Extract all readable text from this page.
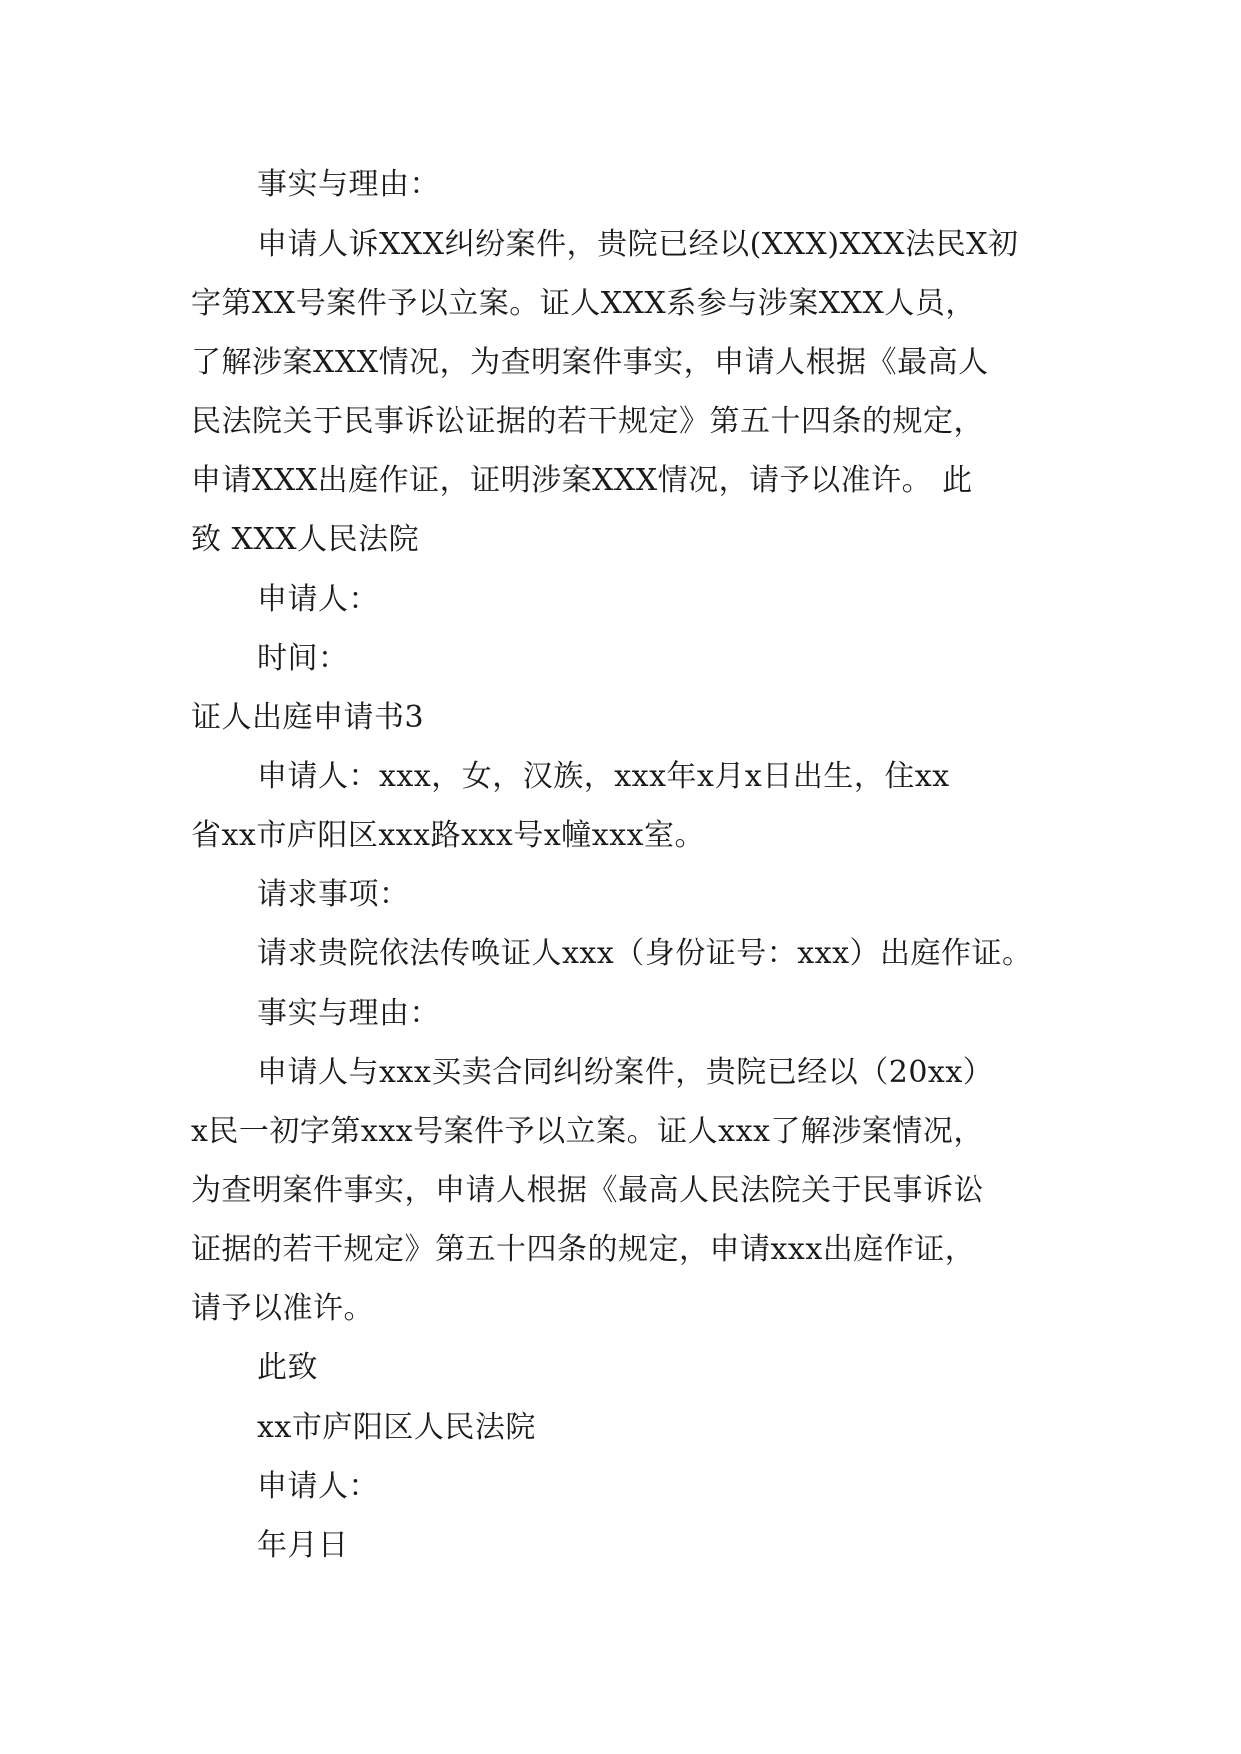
事实与理由：
申请人诉XXX纠纷案件，贵院已经以(XXX)XXX法民X初
字第XX号案件予以立案。证人XXX系参与涉案XXX人员，
了解涉案XXX情况，为查明案件事实，申请人根据《最高人
民法院关于民事诉讼证据的若干规定》第五十四条的规定，
申请XXX出庭作证，证明涉案XXX情况，请予以准许。 此
致 XXX人民法院
申请人：
时间：
证人出庭申请书3
申请人：xxx，女，汉族，xxx年x月x日出生，住xx
省xx市庐阳区xxx路xxx号x幢xxx室。
请求事项：
请求贵院依法传唤证人xxx（身份证号：xxx）出庭作证。
事实与理由：
申请人与xxx买卖合同纠纷案件，贵院已经以（20xx）
x民一初字第xxx号案件予以立案。证人xxx了解涉案情况，
为查明案件事实，申请人根据《最高人民法院关于民事诉讼
证据的若干规定》第五十四条的规定，申请xxx出庭作证，
请予以准许。
此致
xx市庐阳区人民法院
申请人：
年月日
